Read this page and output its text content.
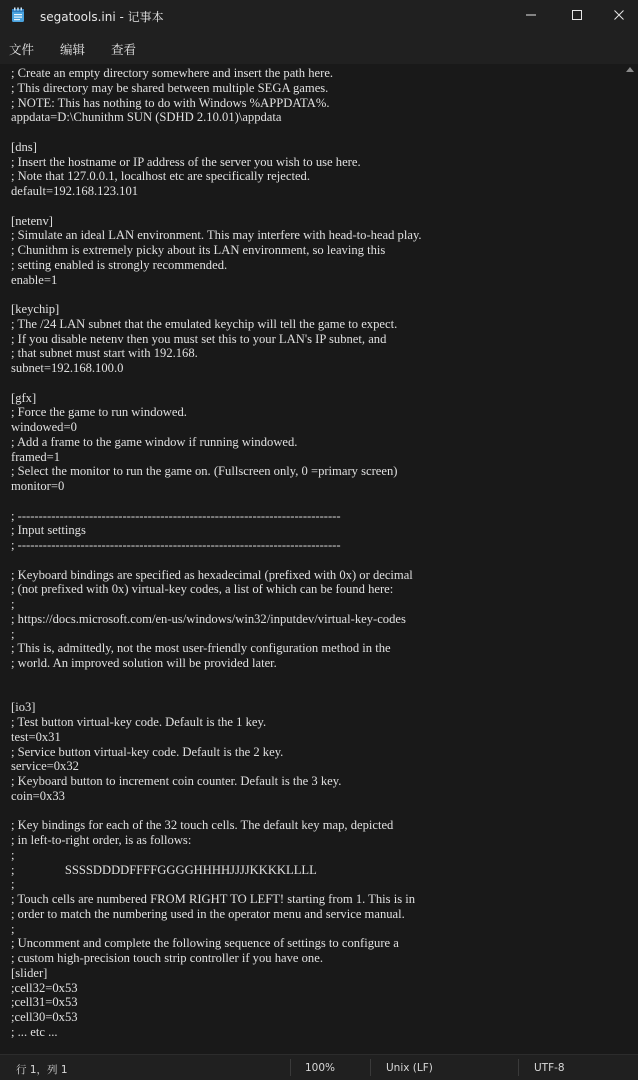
segatools.ini - 记事本
文件 编辑 查看
; Create an empty directory somewhere and insert the path here.
; This directory may be shared between multiple SEGA games.
; NOTE: This has nothing to do with Windows %APPDATA%.
appdata=D:\Chunithm SUN (SDHD 2.10.01)\appdata

[dns]
; Insert the hostname or IP address of the server you wish to use here.
; Note that 127.0.0.1, localhost etc are specifically rejected.
default=192.168.123.101

[netenv]
; Simulate an ideal LAN environment. This may interfere with head-to-head play.
; Chunithm is extremely picky about its LAN environment, so leaving this
; setting enabled is strongly recommended.
enable=1

[keychip]
; The /24 LAN subnet that the emulated keychip will tell the game to expect.
; If you disable netenv then you must set this to your LAN's IP subnet, and
; that subnet must start with 192.168.
subnet=192.168.100.0

[gfx]
; Force the game to run windowed.
windowed=0
; Add a frame to the game window if running windowed.
framed=1
; Select the monitor to run the game on. (Fullscreen only, 0 =primary screen)
monitor=0

; -----------------------------------------------------------------------------
; Input settings
; -----------------------------------------------------------------------------

; Keyboard bindings are specified as hexadecimal (prefixed with 0x) or decimal
; (not prefixed with 0x) virtual-key codes, a list of which can be found here:
;
; https://docs.microsoft.com/en-us/windows/win32/inputdev/virtual-key-codes
;
; This is, admittedly, not the most user-friendly configuration method in the
; world. An improved solution will be provided later.

[io3]
; Test button virtual-key code. Default is the 1 key.
test=0x31
; Service button virtual-key code. Default is the 2 key.
service=0x32
; Keyboard button to increment coin counter. Default is the 3 key.
coin=0x33

; Key bindings for each of the 32 touch cells. The default key map, depicted
; in left-to-right order, is as follows:
;
;                SSSSDDDDFFFFGGGGHHHHJJJJKKKKLLLL
;
; Touch cells are numbered FROM RIGHT TO LEFT! starting from 1. This is in
; order to match the numbering used in the operator menu and service manual.
;
; Uncomment and complete the following sequence of settings to configure a
; custom high-precision touch strip controller if you have one.
[slider]
;cell32=0x53
;cell31=0x53
;cell30=0x53
; ... etc ...
行 1，列 1	100%	Unix (LF)	UTF-8
